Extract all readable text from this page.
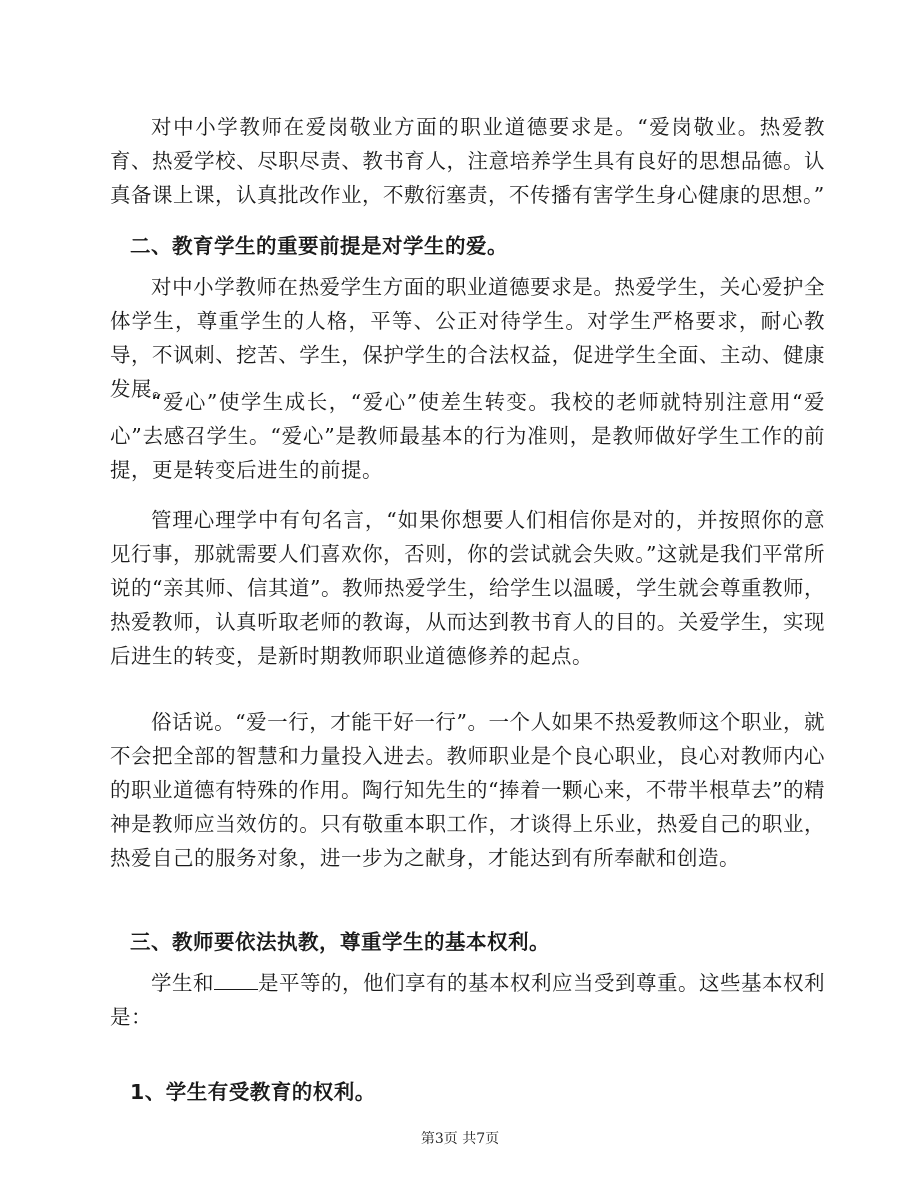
对中小学教师在爱岗敬业方面的职业道德要求是。“爱岗敬业。热爱教育、热爱学校、尽职尽责、教书育人，注意培养学生具有良好的思想品德。认真备课上课，认真批改作业，不敷衍塞责，不传播有害学生身心健康的思想。”

二、教育学生的重要前提是对学生的爱。

对中小学教师在热爱学生方面的职业道德要求是。热爱学生，关心爱护全体学生，尊重学生的人格，平等、公正对待学生。对学生严格要求，耐心教导，不讽刺、挖苦、学生，保护学生的合法权益，促进学生全面、主动、健康发展。

“爱心”使学生成长，“爱心”使差生转变。我校的老师就特别注意用“爱心”去感召学生。“爱心”是教师最基本的行为准则，是教师做好学生工作的前提，更是转变后进生的前提。

管理心理学中有句名言，“如果你想要人们相信你是对的，并按照你的意见行事，那就需要人们喜欢你，否则，你的尝试就会失败。”这就是我们平常所说的“亲其师、信其道”。教师热爱学生，给学生以温暖，学生就会尊重教师，热爱教师，认真听取老师的教诲，从而达到教书育人的目的。关爱学生，实现后进生的转变，是新时期教师职业道德修养的起点。

俗话说。“爱一行，才能干好一行”。一个人如果不热爱教师这个职业，就不会把全部的智慧和力量投入进去。教师职业是个良心职业，良心对教师内心的职业道德有特殊的作用。陶行知先生的“捧着一颗心来，不带半根草去”的精神是教师应当效仿的。只有敬重本职工作，才谈得上乐业，热爱自己的职业，热爱自己的服务对象，进一步为之献身，才能达到有所奉献和创造。

三、教师要依法执教，尊重学生的基本权利。

学生和 是平等的，他们享有的基本权利应当受到尊重。这些基本权利是：

1、学生有受教育的权利。

第3页 共7页
